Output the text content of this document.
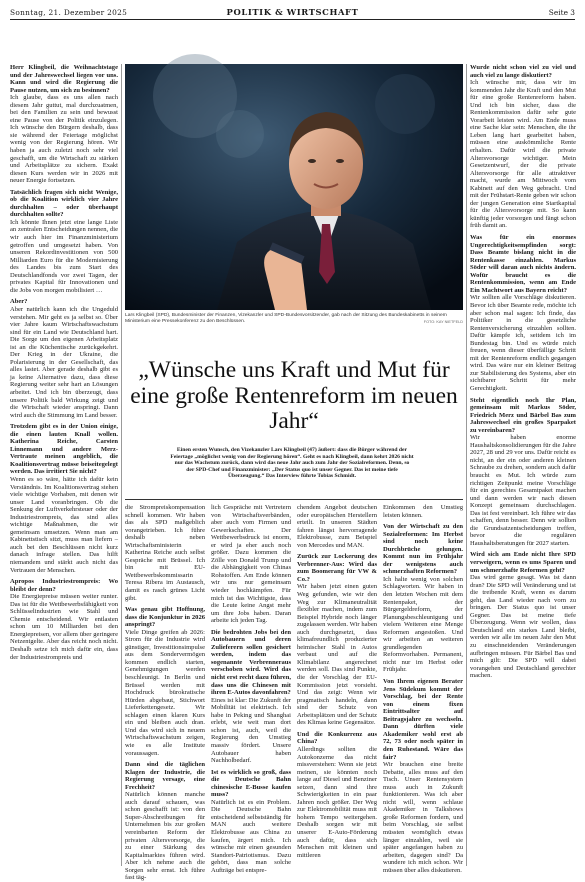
Sonntag, 21. Dezember 2025	POLITIK & WIRTSCHAFT	Seite 3

Herr Klingbeil, die Weihnachtstage und der Jahreswechsel liegen vor uns. Kann und wird die Regierung die Pause nutzen, um sich zu besinnen?
Ich glaube, dass es uns allen nach diesem Jahr guttut, mal durchzuatmen, bei den Familien zu sein und bewusst eine Pause von der Politik einzulegen. Ich wünsche den Bürgern deshalb, dass sie während der Feiertage möglichst wenig von der Regierung hören. Wir haben ja auch zuletzt noch sehr viel geschafft, um die Wirtschaft zu stärken und Arbeitsplätze zu sichern. Exakt diesen Kurs werden wir in 2026 mit neuer Energie fortsetzen.

Tatsächlich fragen sich nicht Wenige, ob die Koalition wirklich vier Jahre durchhalten – oder überhaupt durchhalten sollte?
Ich könnte Ihnen jetzt eine lange Liste an zentralen Entscheidungen nennen, die wir auch hier im Finanzministerium getroffen und umgesetzt haben. Von unseren Rekordinvestitionen von 500 Milliarden Euro für die Modernisierung des Landes bis zum Start des Deutschlandfonds vor zwei Tagen, der privates Kapital für Innovationen und die Jobs von morgen mobilisiert …

Aber?
Aber natürlich kann ich die Ungeduld verstehen. Mir geht es ja selbst so. Über vier Jahre kaum Wirtschaftswachstum sind für ein Land wie Deutschland hart. Die Sorge um den eigenen Arbeitsplatz ist an die Küchentische zurückgekehrt. Der Krieg in der Ukraine, die Polarisierung in der Gesellschaft, das alles lastet. Aber gerade deshalb gibt es ja keine Alternative dazu, dass diese Regierung weiter sehr hart an Lösungen arbeitet. Und ich bin überzeugt, dass unsere Politik bald Wirkung zeigt und die Wirtschaft wieder anspringt. Dann wird auch die Stimmung im Land besser.

Trotzdem gibt es in der Union einige, die einen lauten Knall wollen. Katherina Reiche, Carsten Linnemann und andere Merz-Vertraute meinen angeblich, die Koalitionsvertrag müsse beiseitegelegt werden. Das irritiert Sie nicht?
Wenn es so wäre, hätte ich dafür kein Verständnis. Im Koalitionsvertrag stehen viele wichtige Vorhaben, mit denen wir unser Land voranbringen. Ob die Senkung der Luftverkehrsteuer oder der Industriestrompreis, das sind alles wichtige Maßnahmen, die wir gemeinsam umsetzen. Wenn man am Kabinettstisch sitzt, muss man liefern – auch bei den Beschlüssen nicht kurz danach infrage stellen. Das hilft niemandem und stärkt auch nicht das Vertrauen der Menschen.

Apropos Industriestrompreis: Wo bleibt der denn?
Die Energiepreise müssen weiter runter. Das ist für die Wettbewerbsfähigkeit von Schlüsselindustrien wie Stahl und Chemie entscheidend. Wir entlasten schon um 10 Milliarden bei den Energiepreisen, vor allem über geringere Netzentgelte. Aber das reicht noch nicht. Deshalb setze ich mich dafür ein, dass der Industriestrompreis und

Lars Klingbeil (SPD), Bundesminister der Finanzen, Vizekanzler und SPD-Bundesvorsitzender, gab nach der Sitzung des Bundeskabinetts in seinem Ministerium eine Pressekonferenz zu den Beschlüssen.	FOTO: KAY NIETFELD
„Wünsche uns Kraft und Mut für eine große Rentenreform im neuen Jahr“
Einen ersten Wunsch, den Vizekanzler Lars Klingbeil (47) äußert: dass die Bürger während der Feiertage „möglichst wenig von der Regierung hören“. Geht es nach Klingbeil, dann kehrt 2026 nicht nur das Wachstum zurück, dann wird das neue Jahr auch zum Jahr der Sozialreformen. Denn, so der SPD-Chef und Finanzminister: „Der Status quo ist unser Gegner. Das ist meine tiefe Überzeugung.“ Das Interview führte Tobias Schmidt.

die Strompreiskompensation schnell kommen. Wir haben das als SPD maßgeblich vorangetrieben. Ich führe deshalb neben Wirtschaftsministerin Katherina Reiche auch selbst Gespräche mit Brüssel. Ich bin mit EU-Wettbewerbskommissarin Teresa Ribera im Austausch, damit es rasch grünes Licht gibt.

Was genau gibt Hoffnung, dass die Konjunktur in 2026 anspringt?
Viele Dinge greifen ab 2026: Strom für die Industrie wird günstiger, Investitionsimpulse aus dem Sondervermögen kommen endlich starten, Genehmigungen werden beschleunigt. In Berlin und Brüssel werden mit Hochdruck bürokratische Hürden abgebaut, Stichwort Lieferkettengesetz. Wir schlagen einen klaren Kurs ein und bleiben auch dran. Und das wird sich in neuem Wirtschaftswachstum zeigen, wie es alle Institute voraussagen.

Dann sind die täglichen Klagen der Industrie, die Regierung versage, eine Frechheit?
Natürlich können manche auch darauf schauen, was schon geschafft ist: von den Super-Abschreibungen für Unternehmen bis zur großen vereinbarten Reform der privaten Altersvorsorge, die zu einer Stärkung des Kapitalmarktes führen wird. Aber ich nehme auch die Sorgen sehr ernst. Ich führe fast täg-

lich Gespräche mit Vertretern von Wirtschaftsverbänden, aber auch vom Firmen und Gewerkschaften. Der Wettbewerbsdruck ist enorm, er wird ja eher auch noch größer. Dazu kommen die Zölle von Donald Trump und die Abhängigkeit von Chinas Rohstoffen. Am Ende können wir uns nur gemeinsam wieder hochkämpfen. Für mich ist das Wichtigste, dass die Leute keine Angst mehr um ihre Jobs haben. Daran arbeite ich jeden Tag.

Die bedrohten Jobs bei den Autobauern und deren Zulieferern sollen gesichert werden, indem das sogenannte Verbrenneraus verschoben wird. Wird das nicht erst recht dazu führen, dass uns die Chinesen mit ihren E-Autos davonfahren?
Eines ist klar: Die Zukunft der Mobilität ist elektrisch. Ich habe in Peking und Shanghai erlebt, wie weit man dort schon ist, auch, weil die Regierung den Umstieg massiv fördert. Unsere Autobauer haben Nachholbedarf.

Ist es wirklich so groß, dass die Deutsche Bahn chinesische E-Busse kaufen muss?
Natürlich ist es ein Problem. Die Deutsche Bahn entscheidend selbstständig für MAN auch weitere Elektrobusse aus China zu kaufen, ärgert mich. Ich wünsche mir einen gesunden Standort-Patriotismus. Dazu gehört, dass man solche Aufträge bei entspre-

chendem Angebot deutschen oder europäischen Herstellern erteilt. In unseren Städten fahren längst hervorragende Elektrobusse, zum Beispiel von Mercedes und MAN.

Zurück zur Lockerung des Verbrenner-Aus: Wird das zum Boomerang für VW & Co.?
Wir haben jetzt einen guten Weg gefunden, wie wir den Weg zur Klimaneutralität flexibler machen, indem zum Beispiel Hybride noch länger zugelassen werden. Wir haben auch durchgesetzt, dass klimafreundlich produzierter heimischer Stahl in Autos verbaut und auf die Klimabilanz angerechnet werden soll. Das sind Punkte, die der Vorschlag der EU-Kommission jetzt vorsieht. Und das zeigt: Wenn wir pragmatisch handeln, dann sind der Schutz von Arbeitsplätzen und der Schutz des Klimas keine Gegensätze.

Und die Konkurrenz aus China?
Allerdings sollten die Autokonzerne das nicht missverstehen: Wenn sie jetzt meinen, sie könnten noch lange auf Diesel und Benziner setzen, dann sind ihre Schwierigkeiten in ein paar Jahren noch größer. Der Weg zur Elektromobilität muss mit hohem Tempo weitergehen. Deshalb sorgen wir mit unserer E-Auto-Förderung auch dafür, dass sich Menschen mit kleinen und mittleren

Einkommen den Umstieg leisten können.

Von der Wirtschaft zu den Sozialreformen: Im Herbst sind noch keine Durchbrüche gelungen. Kommt nun im Frühjahr der wenigstens auch schmerzhaften Reformen?
Ich halte wenig von solchen Schlagworten. Wir haben in den letzten Wochen mit dem Rentenpaket, der Bürgergeldreform, der Planungsbeschleunigung und vielem Weiteren eine Menge Reformen angestoßen. Und wir arbeiten an weiteren grundlegenden Reformvorhaben. Permanent, nicht nur im Herbst oder Frühjahr.

Von Ihrem eigenen Berater Jens Südekum kommt der Vorschlag, bei der Rente von einem fixen Eintrittsalter auf Beitragsjahre zu wechseln. Dann dürften viele Akademiker wohl erst ab 72, 73 oder noch später in den Ruhestand. Wäre das fair?
Wir brauchen eine breite Debatte, alles muss auf den Tisch. Unser Rentensystem muss auch in Zukunft funktionieren. Was ich aber nicht will, wenn schlaue Akademiker in Talkshows große Reformen fordern, und beim Vorschlag, sie selbst müssten womöglich etwas länger einzahlen, weil sie später angefangen haben zu arbeiten, dagegen sind? Da wundere ich mich schon. Wir müssen über alles diskutieren.

Wurde nicht schon viel zu viel und auch viel zu lange diskutiert?
Ich wünsche mir, dass wir im kommenden Jahr die Kraft und den Mut für eine große Rentenreform haben. Und ich bin sicher, dass die Rentenkommission dafür sehr gute Vorarbeit leisten wird. Am Ende muss eine Sache klar sein: Menschen, die ihr Leben lang hart gearbeitet haben, müssen eine auskömmliche Rente erhalten. Dafür wird die private Altersvorsorge wichtiger. Mein Gesetzentwurf, der die private Altersvorsorge für alle attraktiver macht, wurde am Mittwoch vom Kabinett auf den Weg gebracht. Und mit der Frühstart-Rente geben wir schon der jungen Generation eine Startkapital für die Altersvorsorge mit. So kann künftig jeder vorsorgen und fängt schon früh damit an.

Was für ein enormes Ungerechtigkeitsempfinden sorgt: Dass Beamte bislang nicht in die Rentenkasse einzahlen. Markus Söder will daran auch nichts ändern. Wofür braucht es die Rentenkommission, wenn am Ende Ein Machtwort aus Bayern reicht?
Wir sollten alle Vorschläge diskutieren. Bevor ich über Beamte rede, möchte ich aber schon mal sagen: Ich finde, das Politiker in die gesetzliche Rentenversicherung einzahlen sollten. Dafür kämpfe ich, seitdem ich im Bundestag bin. Und es würde mich freuen, wenn dieser überfällige Schritt mit der Rentenreform endlich gegangen wird. Das wäre nur ein kleiner Beitrag zur Stabilisierung des Systems, aber ein sichtbarer Schritt für mehr Gerechtigkeit.

Steht eigentlich noch Ihr Plan, gemeinsam mit Markus Söder, Friedrich Merz und Bärbel Bas zum Jahreswechsel ein großes Sparpaket zu vereinbaren?
Wir haben enorme Haushaltskonsolidierungen für die Jahre 2027, 28 und 29 vor uns. Dafür reicht es nicht, an der ein oder anderen kleinen Schraube zu drehen, sondern auch dafür braucht es Mut. Ich würde zum richtigen Zeitpunkt meine Vorschläge für ein gerechtes Gesamtpaket machen und dann werden wir nach diesen Konzept gemeinsam durchschlagen. Das ist fest vereinbart. Ich führe wir das schaffen, denn besser. Denn wir sollten die Grundsatzentscheidungen treffen, bevor die regulären Haushaltsberatungen für 2027 starten.

Wird sich am Ende nicht Ihre SPD verweigern, wenn es ums Sparen und um schmerzhafte Reformen geht?
Das wird gerne gesagt. Was ist dann dran? Die SPD will Veränderung und ist die treibende Kraft, wenn es darum geht, das Land wieder nach vorn zu bringen. Der Status quo ist unser Gegner. Das ist meine tiefe Überzeugung. Wenn wir wollen, dass Deutschland ein starkes Land bleibt, werden wir alle im neuen Jahr den Mut zu einschneidenden Veränderungen aufbringen müssen. Für Bärbel Bas und mich gilt: Die SPD will dabei vorangehen und Deutschland gerechter machen.
